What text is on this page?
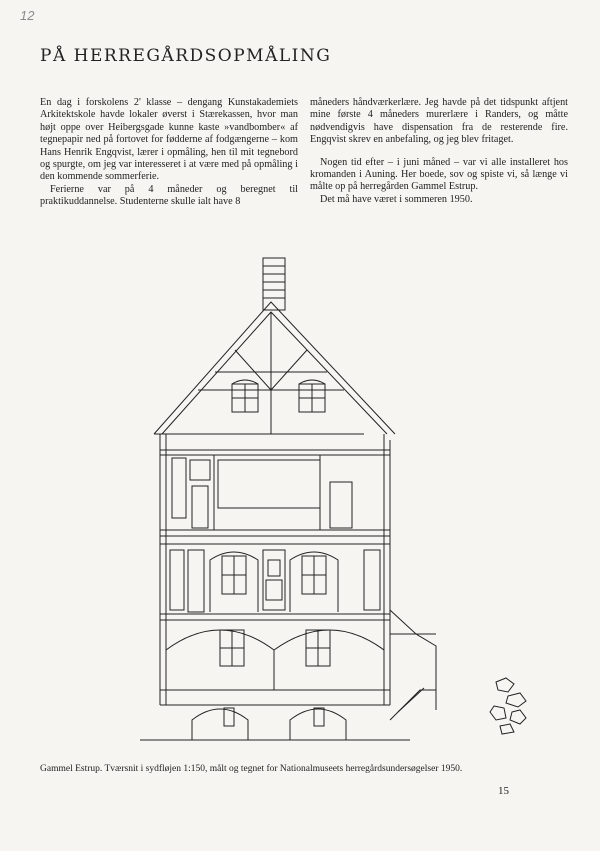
12
PÅ HERREGÅRDSOPMÅLING

En dag i forskolens 2' klasse – dengang Kunstakademiets Arkitektskole havde lokaler øverst i Stærekassen, hvor man højt oppe over Heibergsgade kunne kaste »vandbomber« af tegnepapir ned på fortovet for fødderne af fodgængerne – kom Hans Henrik Engqvist, lærer i opmåling, hen til mit tegnebord og spurgte, om jeg var interesseret i at være med på opmåling i den kommende sommerferie.

Ferierne var på 4 måneder og beregnet til praktikuddannelse. Studenterne skulle ialt have 8

måneders håndværkerlære. Jeg havde på det tidspunkt aftjent mine første 4 måneders murerlære i Randers, og måtte nødvendigvis have dispensation fra de resterende fire. Engqvist skrev en anbefaling, og jeg blev fritaget.

Nogen tid efter – i juni måned – var vi alle installeret hos kromanden i Auning. Her boede, sov og spiste vi, så længe vi målte op på herregården Gammel Estrup.

Det må have været i sommeren 1950.

Gammel Estrup. Tværsnit i sydfløjen 1:150, målt og tegnet for Nationalmuseets herregårdsundersøgelser 1950.
15
